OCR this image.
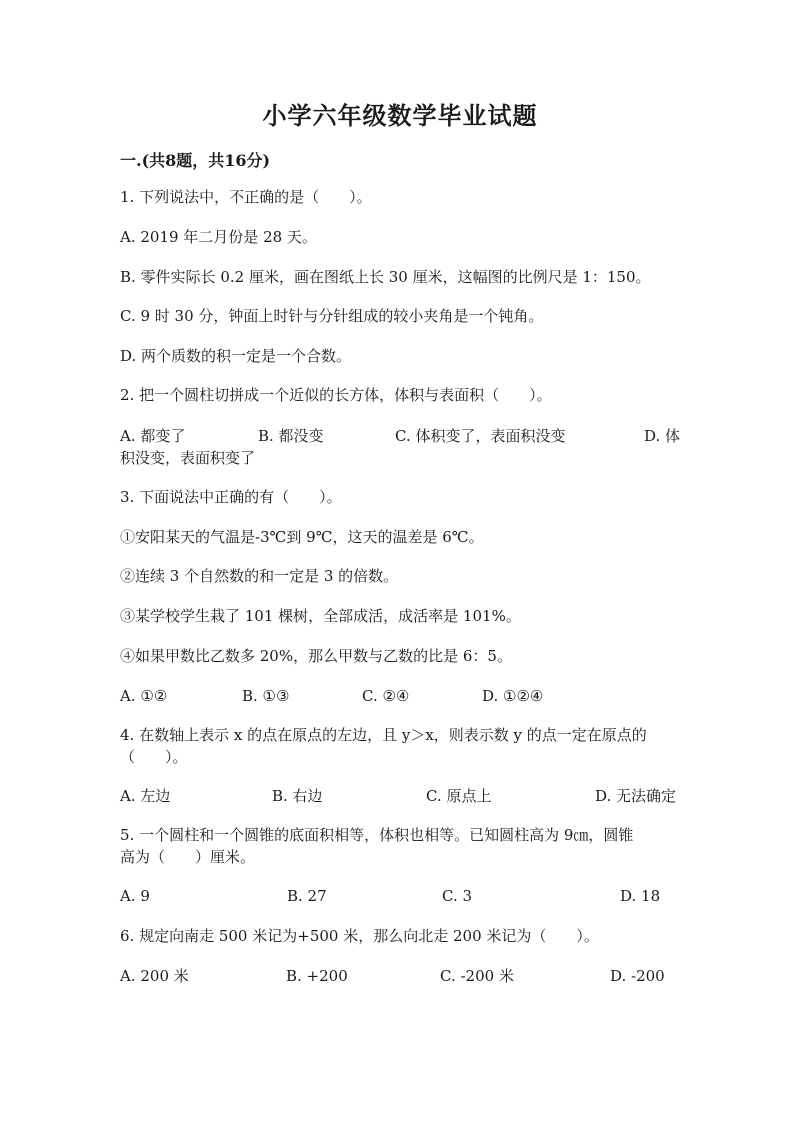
小学六年级数学毕业试题
一.(共8题，共16分)
1. 下列说法中，不正确的是（　　）。
A. 2019 年二月份是 28 天。
B. 零件实际长 0.2 厘米，画在图纸上长 30 厘米，这幅图的比例尺是 1：150。
C. 9 时 30 分，钟面上时针与分针组成的较小夹角是一个钝角。
D. 两个质数的积一定是一个合数。
2. 把一个圆柱切拼成一个近似的长方体，体积与表面积（　　）。
A. 都变了	B. 都没变	C. 体积变了，表面积没变	D. 体
积没变，表面积变了
3. 下面说法中正确的有（　　）。
①安阳某天的气温是-3℃到 9℃，这天的温差是 6℃。
②连续 3 个自然数的和一定是 3 的倍数。
③某学校学生栽了 101 棵树，全部成活，成活率是 101%。
④如果甲数比乙数多 20%，那么甲数与乙数的比是 6：5。
A. ①②	B. ①③	C. ②④	D. ①②④
4. 在数轴上表示 x 的点在原点的左边，且 y＞x，则表示数 y 的点一定在原点的
（　　）。
A. 左边	B. 右边	C. 原点上	D. 无法确定
5. 一个圆柱和一个圆锥的底面积相等，体积也相等。已知圆柱高为 9㎝，圆锥
高为（　　）厘米。
A. 9	B. 27	C. 3	D. 18
6. 规定向南走 500 米记为+500 米，那么向北走 200 米记为（　　）。
A. 200 米	B. +200	C. -200 米	D. -200
